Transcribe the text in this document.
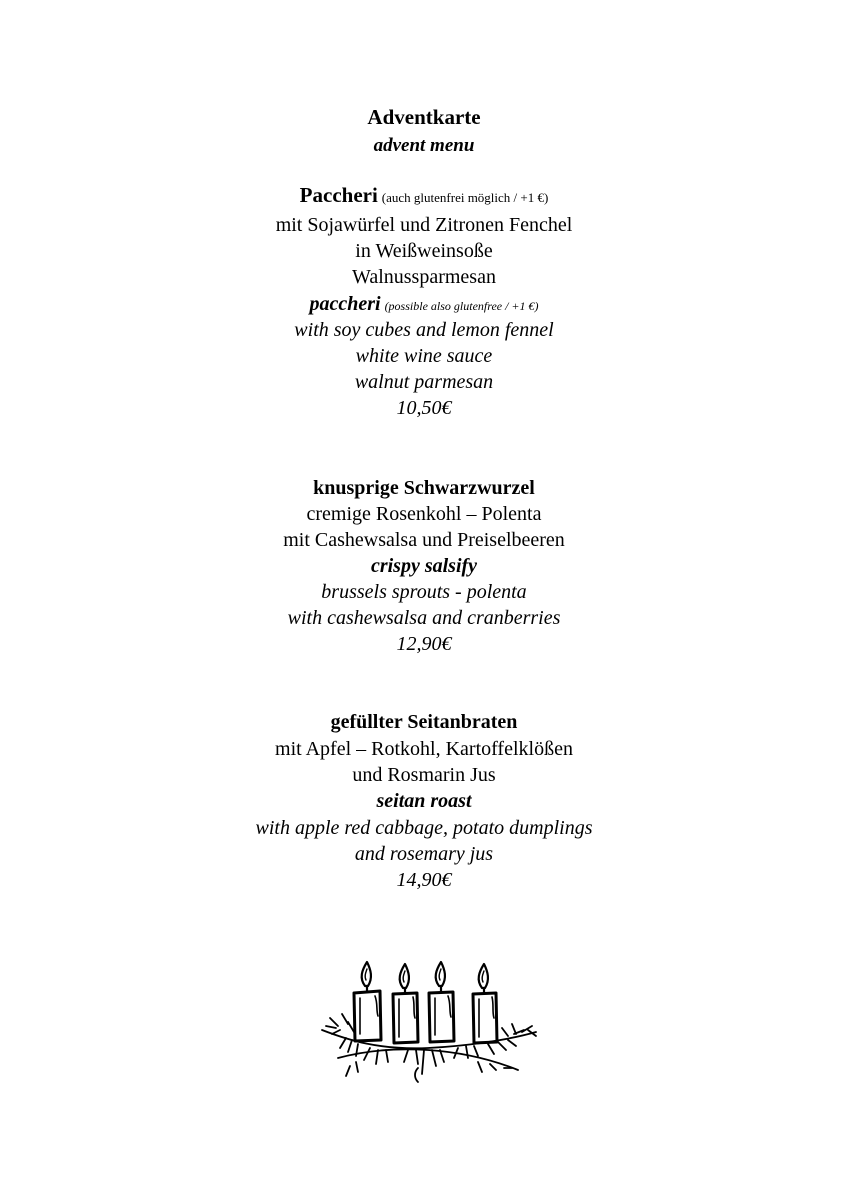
Adventkarte
advent menu
Paccheri (auch glutenfrei möglich / +1 €)
mit Sojawürfel und Zitronen Fenchel
in Weißweinsoße
Walnussparmesan
paccheri (possible also glutenfree / +1 €)
with soy cubes and lemon fennel
white wine sauce
walnut parmesan
10,50€
knusprige Schwarzwurzel
cremige Rosenkohl – Polenta
mit Cashewsalsa und Preiselbeeren
crispy salsify
brussels sprouts - polenta
with cashewsalsa and cranberries
12,90€
gefüllter Seitanbraten
mit Apfel – Rotkohl, Kartoffelklößen
und Rosmarin Jus
seitan roast
with apple red cabbage, potato dumplings
and rosemary jus
14,90€
